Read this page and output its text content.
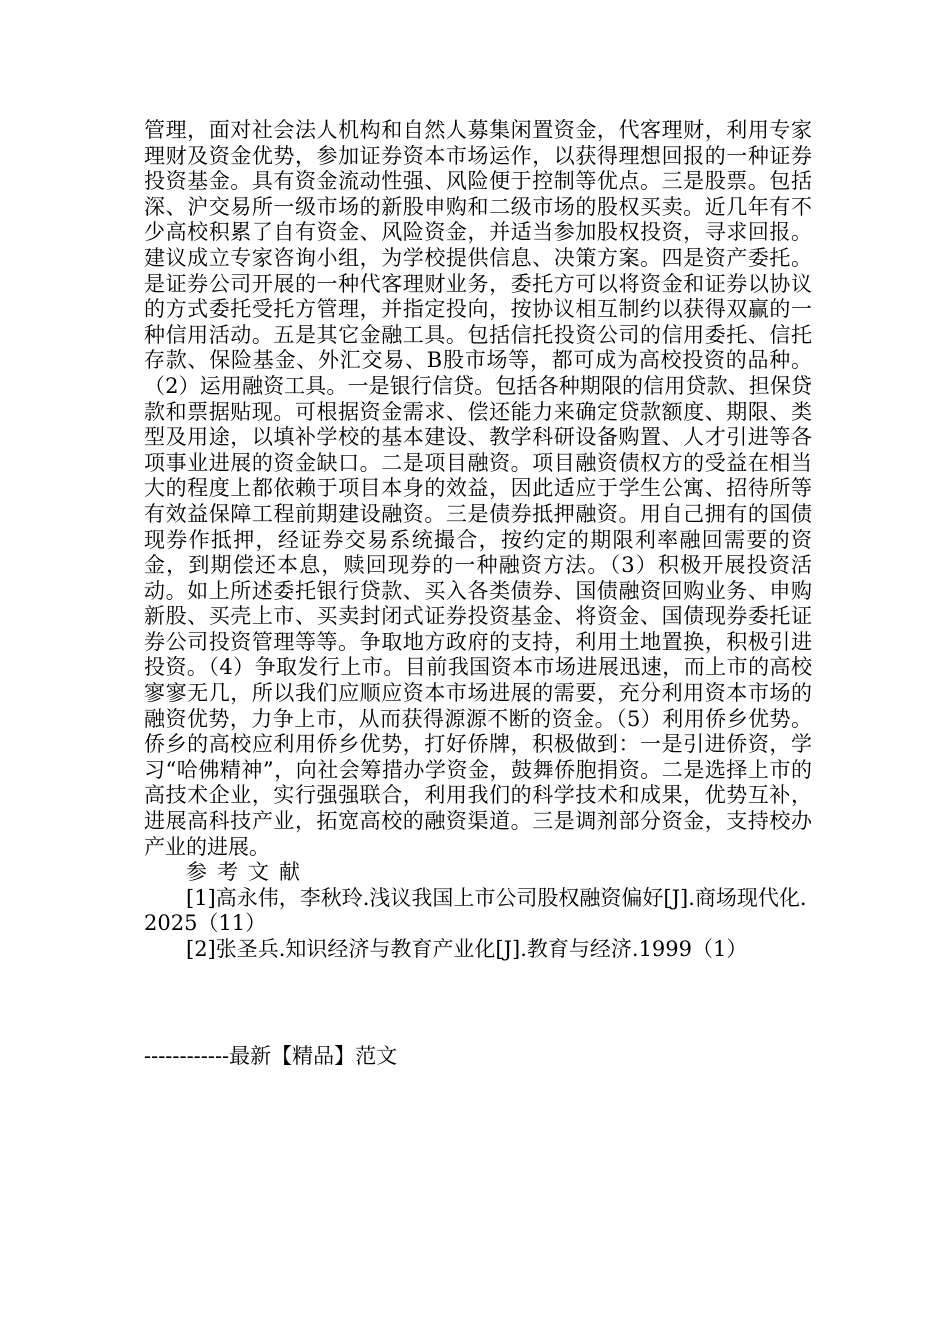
管理，面对社会法人机构和自然人募集闲置资金，代客理财，利用专家理财及资金优势，参加证券资本市场运作，以获得理想回报的一种证券投资基金。具有资金流动性强、风险便于控制等优点。三是股票。包括深、沪交易所一级市场的新股申购和二级市场的股权买卖。近几年有不少高校积累了自有资金、风险资金，并适当参加股权投资，寻求回报。建议成立专家咨询小组，为学校提供信息、决策方案。四是资产委托。是证券公司开展的一种代客理财业务，委托方可以将资金和证券以协议的方式委托受托方管理，并指定投向，按协议相互制约以获得双赢的一种信用活动。五是其它金融工具。包括信托投资公司的信用委托、信托存款、保险基金、外汇交易、B股市场等，都可成为高校投资的品种。（2）运用融资工具。一是银行信贷。包括各种期限的信用贷款、担保贷款和票据贴现。可根据资金需求、偿还能力来确定贷款额度、期限、类型及用途，以填补学校的基本建设、教学科研设备购置、人才引进等各项事业进展的资金缺口。二是项目融资。项目融资债权方的受益在相当大的程度上都依赖于项目本身的效益，因此适应于学生公寓、招待所等有效益保障工程前期建设融资。三是债券抵押融资。用自己拥有的国债现券作抵押，经证券交易系统撮合，按约定的期限利率融回需要的资金，到期偿还本息，赎回现券的一种融资方法。（3）积极开展投资活动。如上所述委托银行贷款、买入各类债券、国债融资回购业务、申购新股、买壳上市、买卖封闭式证券投资基金、将资金、国债现券委托证券公司投资管理等等。争取地方政府的支持，利用土地置换，积极引进投资。（4）争取发行上市。目前我国资本市场进展迅速，而上市的高校寥寥无几，所以我们应顺应资本市场进展的需要，充分利用资本市场的融资优势，力争上市，从而获得源源不断的资金。（5）利用侨乡优势。侨乡的高校应利用侨乡优势，打好侨牌，积极做到：一是引进侨资，学习“哈佛精神”，向社会筹措办学资金，鼓舞侨胞捐资。二是选择上市的高技术企业，实行强强联合，利用我们的科学技术和成果，优势互补，进展高科技产业，拓宽高校的融资渠道。三是调剂部分资金，支持校办产业的进展。

参考文献

[1]高永伟，李秋玲.浅议我国上市公司股权融资偏好[J].商场现代化.2025（11）

[2]张圣兵.知识经济与教育产业化[J].教育与经济.1999（1）

------------最新【精品】范文
